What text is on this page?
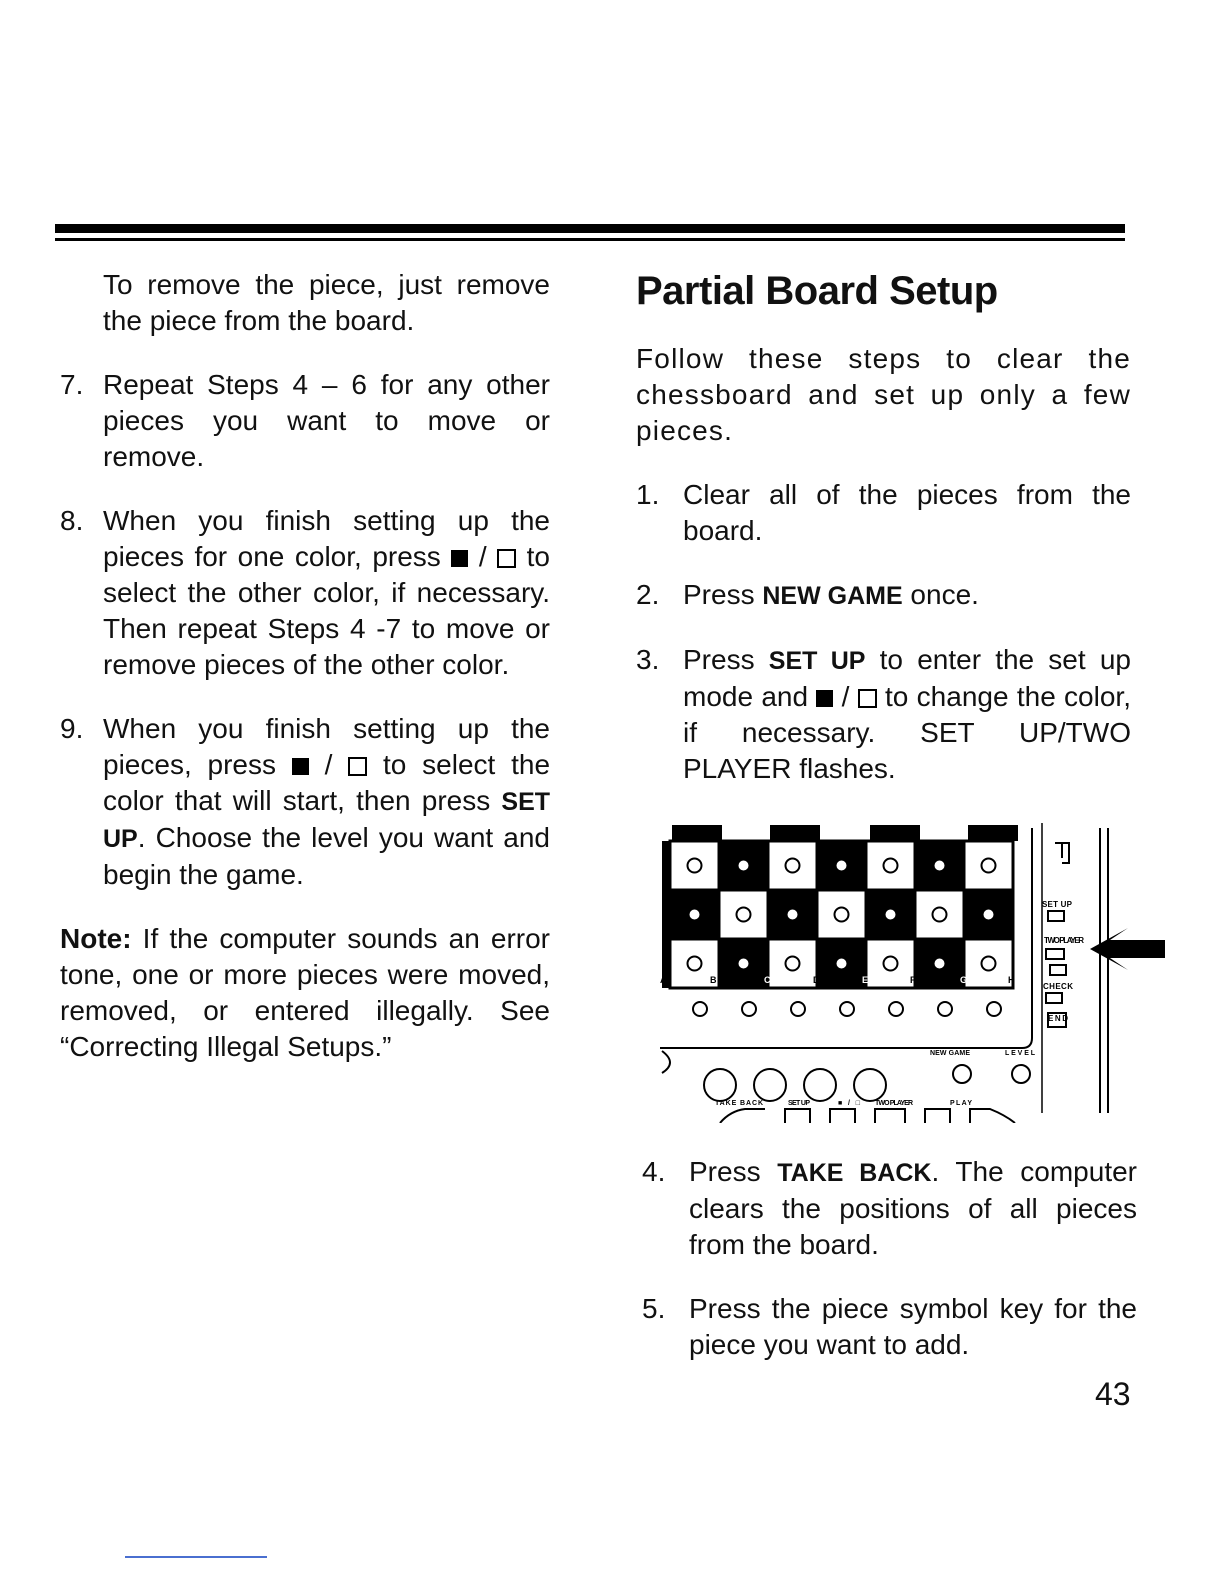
To remove the piece, just remove the piece from the board.

7. Repeat Steps 4 – 6 for any other pieces you want to move or remove.
8. When you finish setting up the pieces for one color, press / to select the other color, if necessary. Then repeat Steps 4 -7 to move or remove pieces of the other color.
9. When you finish setting up the pieces, press / to select the color that will start, then press SET UP. Choose the level you want and begin the game.

Note: If the computer sounds an error tone, one or more pieces were moved, removed, or entered illegally. See “Correcting Illegal Setups.”

Partial Board Setup

Follow these steps to clear the chessboard and set up only a few pieces.

1. Clear all of the pieces from the board.
2. Press NEW GAME once.
3. Press SET UP to enter the set up mode and / to change the color, if necessary. SET UP/TWO PLAYER flashes.
A	B	C	D	E	F	G	H
SET UP
TWO PLAYER
CHECK
END
NEW GAME	LEVEL
TAKE BACK	SET UP	■/□ TWO PLAYER	PLAY
4. Press TAKE BACK. The computer clears the positions of all pieces from the board.
5. Press the piece symbol key for the piece you want to add.
43
